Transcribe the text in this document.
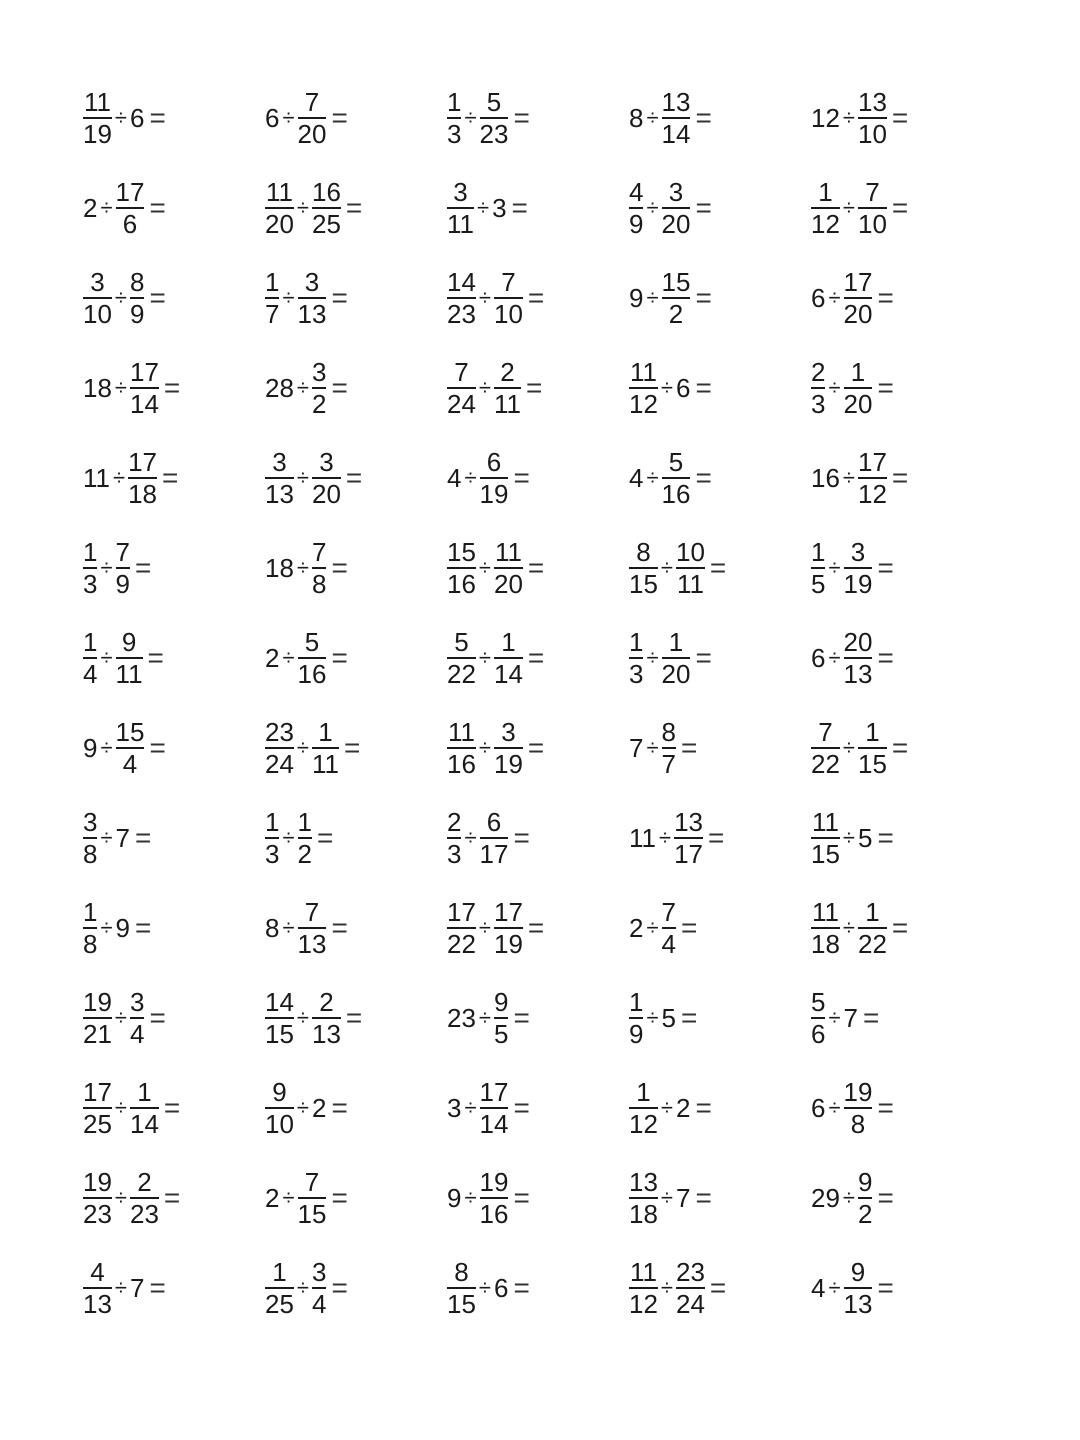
$\frac{11}{19} \div 6$ =	$6 \div \frac{7}{20}$ =	$\frac{1}{3} \div \frac{5}{23}$ =	$8 \div \frac{13}{14}$ =	$12 \div \frac{13}{10}$ =
$2 \div \frac{17}{6}$ =	$\frac{11}{20} \div \frac{16}{25}$ =	$\frac{3}{11} \div 3$ =	$\frac{4}{9} \div \frac{3}{20}$ =	$\frac{1}{12} \div \frac{7}{10}$ =
$\frac{3}{10} \div \frac{8}{9}$ =	$\frac{1}{7} \div \frac{3}{13}$ =	$\frac{14}{23} \div \frac{7}{10}$ =	$9 \div \frac{15}{2}$ =	$6 \div \frac{17}{20}$ =
$18 \div \frac{17}{14}$ =	$28 \div \frac{3}{2}$ =	$\frac{7}{24} \div \frac{2}{11}$ =	$\frac{11}{12} \div 6$ =	$\frac{2}{3} \div \frac{1}{20}$ =
$11 \div \frac{17}{18}$ =	$\frac{3}{13} \div \frac{3}{20}$ =	$4 \div \frac{6}{19}$ =	$4 \div \frac{5}{16}$ =	$16 \div \frac{17}{12}$ =
$\frac{1}{3} \div \frac{7}{9}$ =	$18 \div \frac{7}{8}$ =	$\frac{15}{16} \div \frac{11}{20}$ =	$\frac{8}{15} \div \frac{10}{11}$ =	$\frac{1}{5} \div \frac{3}{19}$ =
$\frac{1}{4} \div \frac{9}{11}$ =	$2 \div \frac{5}{16}$ =	$\frac{5}{22} \div \frac{1}{14}$ =	$\frac{1}{3} \div \frac{1}{20}$ =	$6 \div \frac{20}{13}$ =
$9 \div \frac{15}{4}$ =	$\frac{23}{24} \div \frac{1}{11}$ =	$\frac{11}{16} \div \frac{3}{19}$ =	$7 \div \frac{8}{7}$ =	$\frac{7}{22} \div \frac{1}{15}$ =
$\frac{3}{8} \div 7$ =	$\frac{1}{3} \div \frac{1}{2}$ =	$\frac{2}{3} \div \frac{6}{17}$ =	$11 \div \frac{13}{17}$ =	$\frac{11}{15} \div 5$ =
$\frac{1}{8} \div 9$ =	$8 \div \frac{7}{13}$ =	$\frac{17}{22} \div \frac{17}{19}$ =	$2 \div \frac{7}{4}$ =	$\frac{11}{18} \div \frac{1}{22}$ =
$\frac{19}{21} \div \frac{3}{4}$ =	$\frac{14}{15} \div \frac{2}{13}$ =	$23 \div \frac{9}{5}$ =	$\frac{1}{9} \div 5$ =	$\frac{5}{6} \div 7$ =
$\frac{17}{25} \div \frac{1}{14}$ =	$\frac{9}{10} \div 2$ =	$3 \div \frac{17}{14}$ =	$\frac{1}{12} \div 2$ =	$6 \div \frac{19}{8}$ =
$\frac{19}{23} \div \frac{2}{23}$ =	$2 \div \frac{7}{15}$ =	$9 \div \frac{19}{16}$ =	$\frac{13}{18} \div 7$ =	$29 \div \frac{9}{2}$ =
$\frac{4}{13} \div 7$ =	$\frac{1}{25} \div \frac{3}{4}$ =	$\frac{8}{15} \div 6$ =	$\frac{11}{12} \div \frac{23}{24}$ =	$4 \div \frac{9}{13}$ =
